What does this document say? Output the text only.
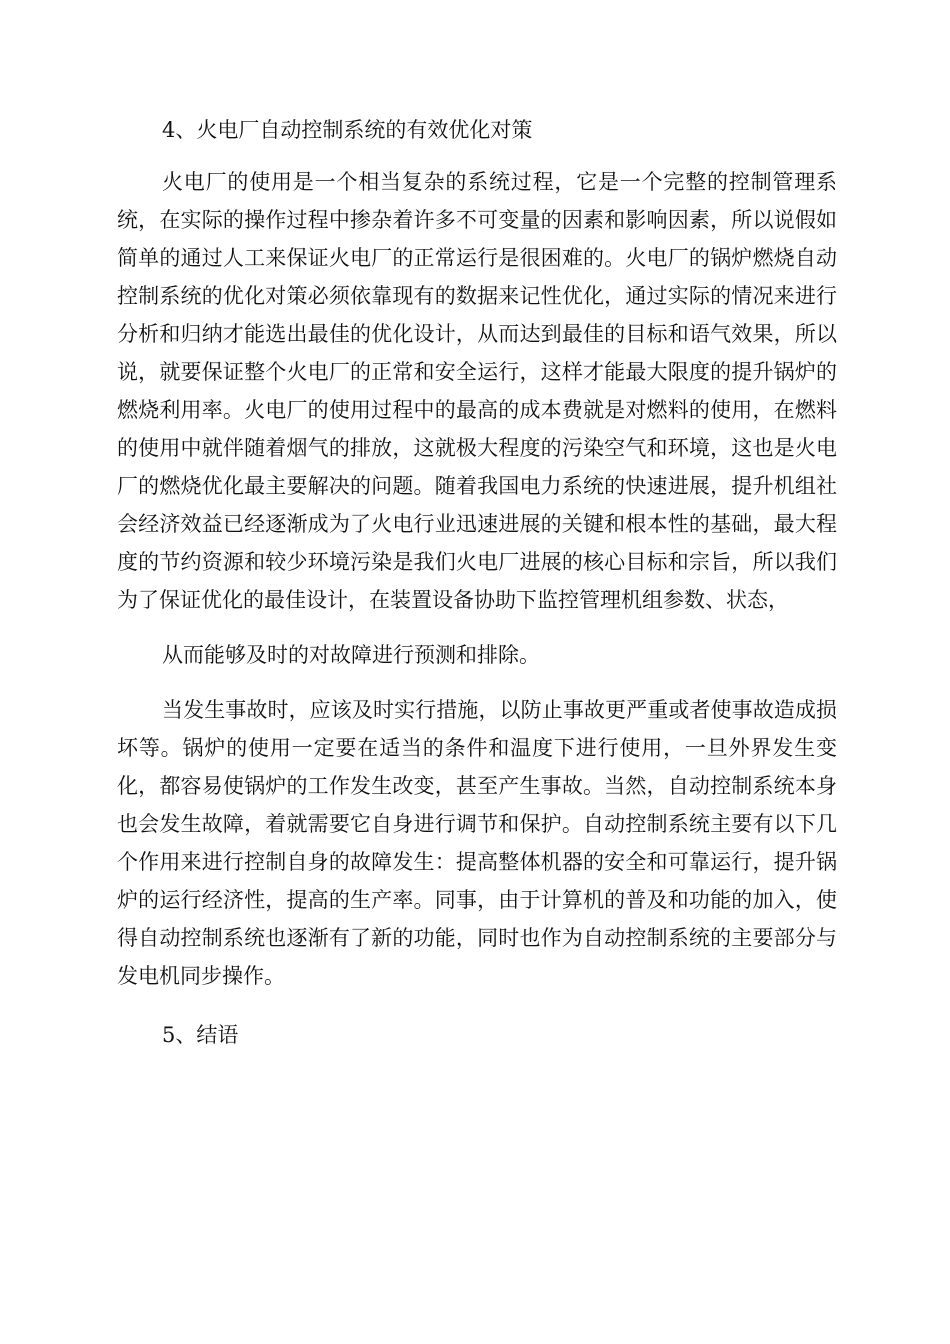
4、火电厂自动控制系统的有效优化对策

火电厂的使用是一个相当复杂的系统过程，它是一个完整的控制管理系统，在实际的操作过程中掺杂着许多不可变量的因素和影响因素，所以说假如简单的通过人工来保证火电厂的正常运行是很困难的。火电厂的锅炉燃烧自动控制系统的优化对策必须依靠现有的数据来记性优化，通过实际的情况来进行分析和归纳才能选出最佳的优化设计，从而达到最佳的目标和语气效果，所以说，就要保证整个火电厂的正常和安全运行，这样才能最大限度的提升锅炉的燃烧利用率。火电厂的使用过程中的最高的成本费就是对燃料的使用，在燃料的使用中就伴随着烟气的排放，这就极大程度的污染空气和环境，这也是火电厂的燃烧优化最主要解决的问题。随着我国电力系统的快速进展，提升机组社会经济效益已经逐渐成为了火电行业迅速进展的关键和根本性的基础，最大程度的节约资源和较少环境污染是我们火电厂进展的核心目标和宗旨，所以我们为了保证优化的最佳设计，在装置设备协助下监控管理机组参数、状态，

从而能够及时的对故障进行预测和排除。

当发生事故时，应该及时实行措施，以防止事故更严重或者使事故造成损坏等。锅炉的使用一定要在适当的条件和温度下进行使用，一旦外界发生变化，都容易使锅炉的工作发生改变，甚至产生事故。当然，自动控制系统本身也会发生故障，着就需要它自身进行调节和保护。自动控制系统主要有以下几个作用来进行控制自身的故障发生：提高整体机器的安全和可靠运行，提升锅炉的运行经济性，提高的生产率。同事，由于计算机的普及和功能的加入，使得自动控制系统也逐渐有了新的功能，同时也作为自动控制系统的主要部分与发电机同步操作。

5、结语
